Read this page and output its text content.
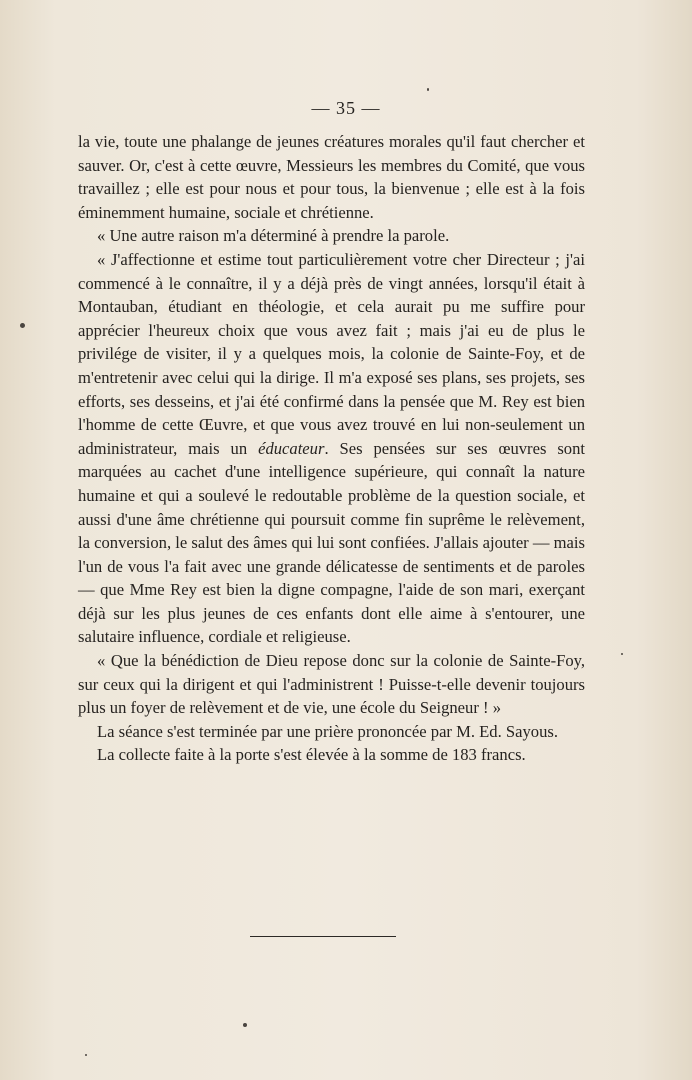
— 35 —

la vie, toute une phalange de jeunes créatures morales qu'il faut chercher et sauver. Or, c'est à cette œuvre, Messieurs les membres du Comité, que vous travaillez ; elle est pour nous et pour tous, la bienvenue ; elle est à la fois éminemment humaine, sociale et chrétienne.

« Une autre raison m'a déterminé à prendre la parole.

« J'affectionne et estime tout particulièrement votre cher Directeur ; j'ai commencé à le connaître, il y a déjà près de vingt années, lorsqu'il était à Montauban, étudiant en théologie, et cela aurait pu me suffire pour apprécier l'heureux choix que vous avez fait ; mais j'ai eu de plus le privilége de visiter, il y a quelques mois, la colonie de Sainte-Foy, et de m'entretenir avec celui qui la dirige. Il m'a exposé ses plans, ses projets, ses efforts, ses desseins, et j'ai été confirmé dans la pensée que M. Rey est bien l'homme de cette Œuvre, et que vous avez trouvé en lui non-seulement un administrateur, mais un éducateur. Ses pensées sur ses œuvres sont marquées au cachet d'une intelligence supérieure, qui connaît la nature humaine et qui a soulevé le redoutable problème de la question sociale, et aussi d'une âme chrétienne qui poursuit comme fin suprême le relèvement, la conversion, le salut des âmes qui lui sont confiées. J'allais ajouter — mais l'un de vous l'a fait avec une grande délicatesse de sentiments et de paroles — que Mme Rey est bien la digne compagne, l'aide de son mari, exerçant déjà sur les plus jeunes de ces enfants dont elle aime à s'entourer, une salutaire influence, cordiale et religieuse.

« Que la bénédiction de Dieu repose donc sur la colonie de Sainte-Foy, sur ceux qui la dirigent et qui l'administrent ! Puisse-t-elle devenir toujours plus un foyer de relèvement et de vie, une école du Seigneur ! »

La séance s'est terminée par une prière prononcée par M. Ed. Sayous.

La collecte faite à la porte s'est élevée à la somme de 183 francs.
